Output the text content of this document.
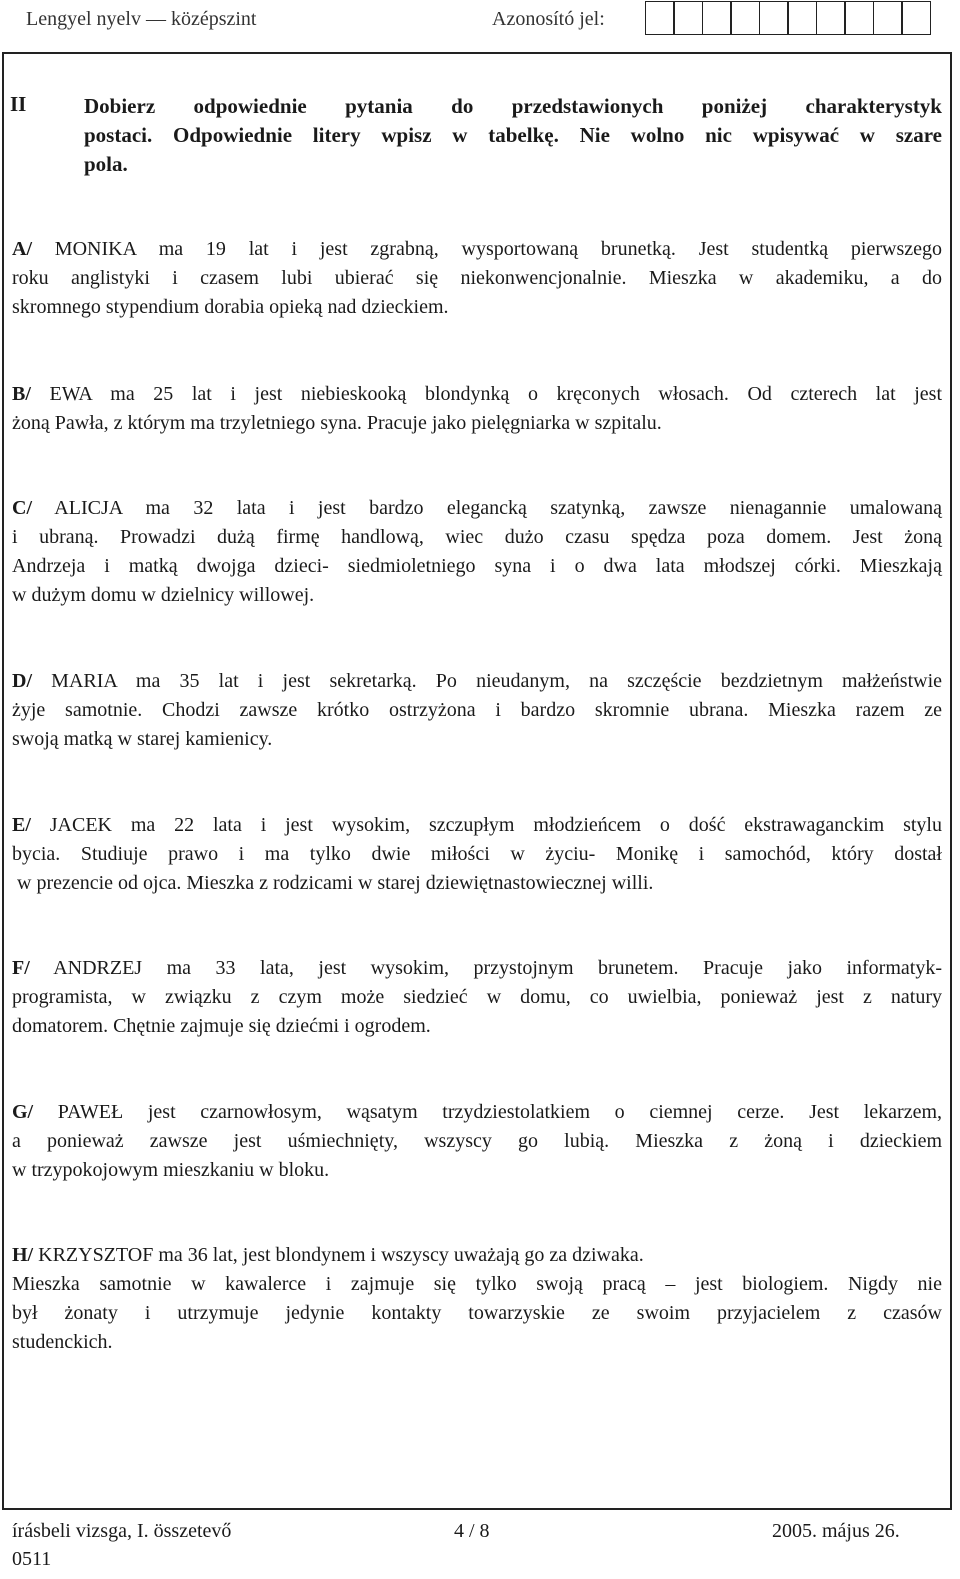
Lengyel nyelv — középszint	Azonosító jel:
II	Dobierz odpowiednie pytania do przedstawionych poniżej charakterystyk
postaci. Odpowiednie litery wpisz w tabelkę. Nie wolno nic wpisywać w szare
pola.
A/ MONIKA ma 19 lat i jest zgrabną, wysportowaną brunetką. Jest studentką pierwszego
roku anglistyki i czasem lubi ubierać się niekonwencjonalnie. Mieszka w akademiku, a do
skromnego stypendium dorabia opieką nad dzieckiem.
B/ EWA ma 25 lat i jest niebieskooką blondynką o kręconych włosach. Od czterech lat jest
żoną Pawła, z którym ma trzyletniego syna. Pracuje jako pielęgniarka w szpitalu.
C/ ALICJA ma 32 lata i jest bardzo elegancką szatynką, zawsze nienagannie umalowaną
i ubraną. Prowadzi dużą firmę handlową, wiec dużo czasu spędza poza domem. Jest żoną
Andrzeja i matką dwojga dzieci- siedmioletniego syna i o dwa lata młodszej córki. Mieszkają
w dużym domu w dzielnicy willowej.
D/ MARIA ma 35 lat i jest sekretarką. Po nieudanym, na szczęście bezdzietnym małżeństwie
żyje samotnie. Chodzi zawsze krótko ostrzyżona i bardzo skromnie ubrana. Mieszka razem ze
swoją matką w starej kamienicy.
E/ JACEK ma 22 lata i jest wysokim, szczupłym młodzieńcem o dość ekstrawaganckim stylu
bycia. Studiuje prawo i ma tylko dwie miłości w życiu- Monikę i samochód, który dostał
w prezencie od ojca. Mieszka z rodzicami w starej dziewiętnastowiecznej willi.
F/ ANDRZEJ ma 33 lata, jest wysokim, przystojnym brunetem. Pracuje jako informatyk-
programista, w związku z czym może siedzieć w domu, co uwielbia, ponieważ jest z natury
domatorem. Chętnie zajmuje się dziećmi i ogrodem.
G/ PAWEŁ jest czarnowłosym, wąsatym trzydziestolatkiem o ciemnej cerze. Jest lekarzem,
a ponieważ zawsze jest uśmiechnięty, wszyscy go lubią. Mieszka z żoną i dzieckiem
w trzypokojowym mieszkaniu w bloku.
H/ KRZYSZTOF ma 36 lat, jest blondynem i wszyscy uważają go za dziwaka.
Mieszka samotnie w kawalerce i zajmuje się tylko swoją pracą – jest biologiem. Nigdy nie
był żonaty i utrzymuje jedynie kontakty towarzyskie ze swoim przyjacielem z czasów
studenckich.
írásbeli vizsga, I. összetevő	4 / 8	2005. május 26.
0511
